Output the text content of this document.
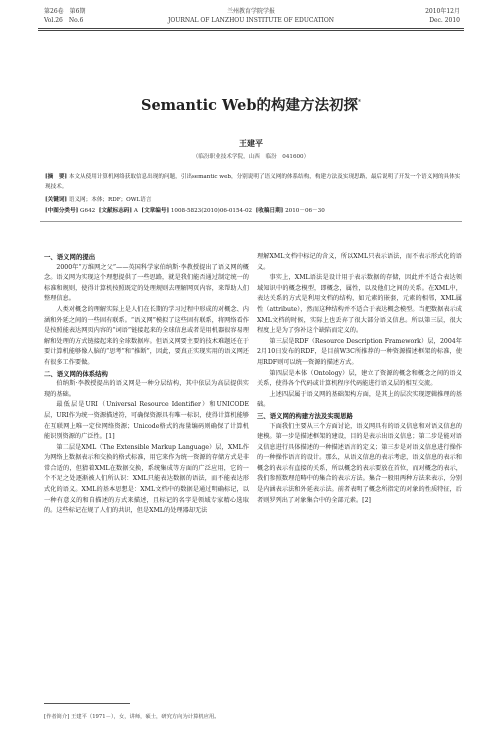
第26卷　第6期
Vol.26　No.6
兰州教育学院学报
JOURNAL OF LANZHOU INSTITUTE OF EDUCATION
2010年12月
Dec. 2010
Semantic Web的构建方法初探*
王建平
（临汾职业技术学院，山西　临汾　041600）
[摘　要] 本文从使用计算机网络获取信息出现的问题，引出semantic web，分别说明了语义网的体系结构，构建方法及实现思路，最后说明了开发一个语义网的具体实现技术。
[关键词] 语义网；本体；RDF；OWL语言
[中图分类号] G642 [文献标志码] A [文章编号] 1008-5823(2010)06-0154-02 [收稿日期] 2010－06－30
一、语义网的提出

2000年“万维网之父”——英国科学家伯纳斯·李教授提出了语义网的概念。语义网为实现这个理想提供了一些思路，就是我们能否通过制定统一的标准和规则，使得计算机按照既定的处理规则去理解网页内容，来帮助人们整理信息。

人类对概念的理解实际上是人们在长期的学习过程中形成的对概念、内涵和外延之间的一些固有联系。“语义网”模拟了这些固有联系，将网络看作是按照能表达网页内容的“词语”链接起来的全球信息或者是用机器很容易理解和处理的方式链接起来的全球数据库。但语义网要主要的技术难题还在于要计算机能够像人脑的“思考”和“推断”，因此，要真正实现实用的语义网还有很多工作要做。

二、语义网的体系结构

伯纳斯·李教授提出的语义网是一种分层结构，其中依层为高层提供实现的基础。

最低层是URI（Universal Resource Identifier）和UNICODE层，URI作为统一资源描述符，可确保资源具有唯一标识，使得计算机能够在互联网上唯一定位网络资源；Unicode格式的海量编码则确保了计算机能识别资源的广泛性。[1]

第二层是XML（The Extensible Markup Language）层，XML作为网络上数据表示和交换的格式标准，用它来作为统一资源的存储方式是非常合适的，但猜着XML在数据交换，系统集成等方面的广泛应用，它的一个不足之处逐渐被人们所认识：XML只能表达数据的语法，而不能表达形式化的语义。XML的基本思想是：XML文档中的数据是通过明确标记，以一种有意义的和自描述的方式来描述，且标记的名字是领域专家精心选取的。这些标记在规了人们的共识，但是XML的处理器却无法

理解XML文档中标记的含义，所以XML只表示语法，而不表示形式化的语义。

事实上，XML语法是设计用于表示数据的存储，因此并不适合表达领域知识中的概念模型，即概念，属性，以及他们之间的关系。在XML中，表达关系的方式是利用文档的结构，如元素的嵌套，元素的相邻，XML属性（attribute），然而这种结构并不适合于表达概念模型。当把数据表示成XML文档的时候，实际上也丢弃了很大部分语义信息。所以第三层，很大程度上是为了弥补这个缺陷而定义的。

第三层是RDF（Resource Description Framework）层，2004年2月10日发布的RDF，是目前W3C所推荐的一种资源描述框架的标准，使用RDF则可以统一资源的描述方式。

第四层是本体（Ontology）层，建立了资源的概念和概念之间的语义关系，使得各个代码或计算机程序代码能进行语义层的相互交流。

上述四层属于语义网的基础架构方面，是其上的层次实现逻辑推理的基础。

三、语义网的构建方法及实现思路

下面我们主要从三个方面讨论，语义网具有的语义信息和对语义信息的建模。第一步是描述框架的建设，目的是表示出语义信息；第二步是能对语义信息进行具体描述的一种描述语言的定义；第三步是对语义信息进行操作的一种操作语言的设计。那么，从语义信息的表示考虑，语义信息的表示和概念的表示有直接的关系，所以概念的表示要放在首位，而对概念的表示，我们参照数理范畴中的集合的表示方法。集合一般用两种方法来表示，分别是内涵表示法和外延表示法。前者表明了概念所指定的对象的性质特征，后者则罗列出了对象集合中的全部元素。[2]

[作者简介] 王建平（1971－），女，讲师，硕士，研究方向为计算机应用。
